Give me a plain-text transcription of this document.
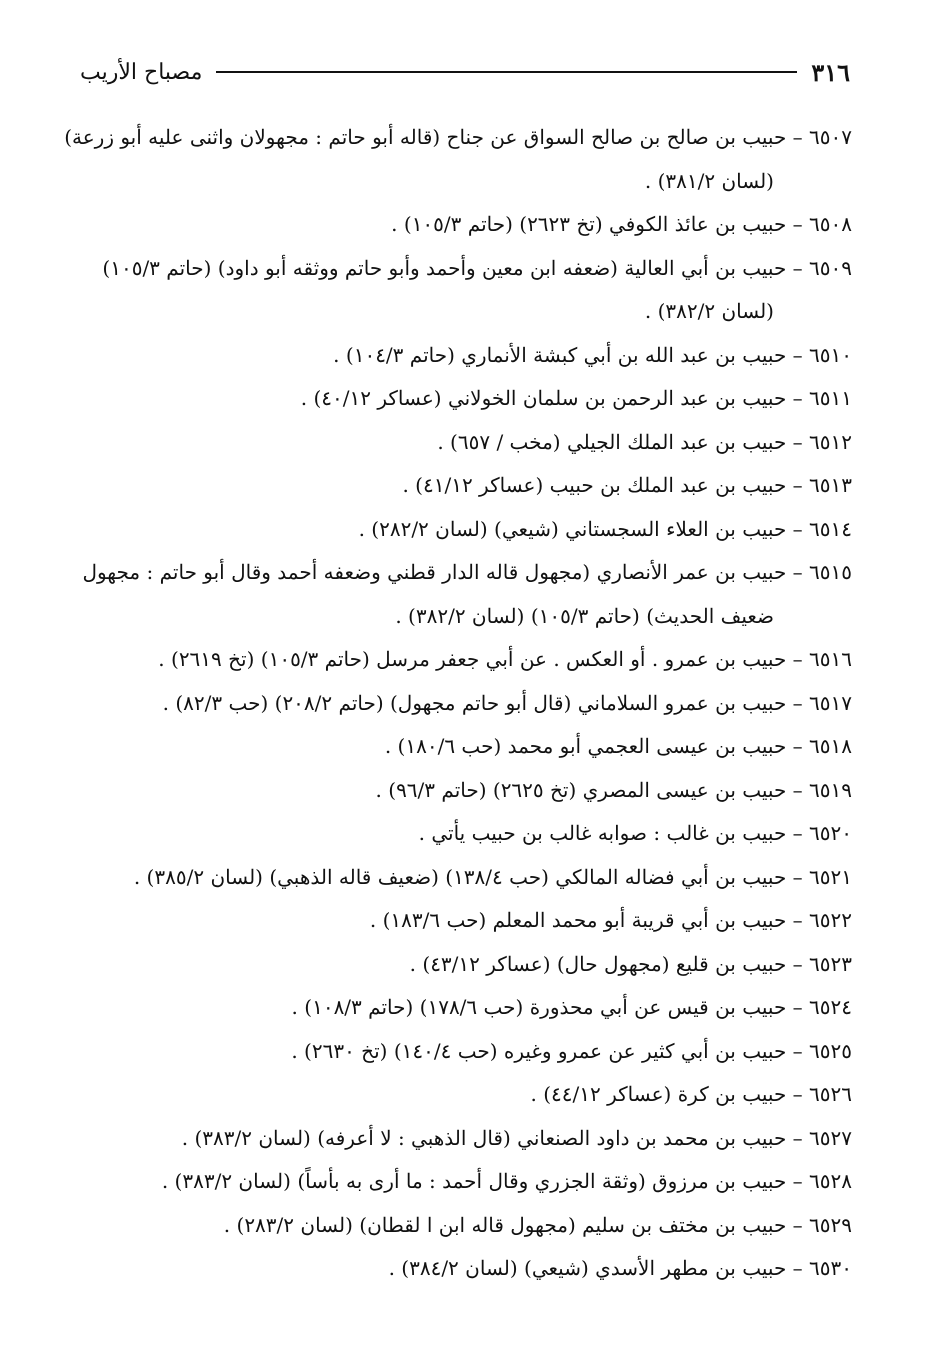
٣١٦
مصباح الأريب
٦٥٠٧ – حبيب بن صالح بن صالح السواق عن جناح (قاله أبو حاتم : مجهولان واثنى عليه أبو زرعة)
(لسان ٣٨١/٢) .
٦٥٠٨ – حبيب بن عائذ الكوفي (تخ ٢٦٢٣) (حاتم ١٠٥/٣) .
٦٥٠٩ – حبيب بن أبي العالية (ضعفه ابن معين وأحمد وأبو حاتم ووثقه أبو داود) (حاتم ١٠٥/٣)
(لسان ٣٨٢/٢) .
٦٥١٠ – حبيب بن عبد الله بن أبي كبشة الأنماري (حاتم ١٠٤/٣) .
٦٥١١ – حبيب بن عبد الرحمن بن سلمان الخولاني (عساكر ٤٠/١٢) .
٦٥١٢ – حبيب بن عبد الملك الجيلي (مخب / ٦٥٧) .
٦٥١٣ – حبيب بن عبد الملك بن حبيب (عساكر ٤١/١٢) .
٦٥١٤ – حبيب بن العلاء السجستاني (شيعي) (لسان ٢٨٢/٢) .
٦٥١٥ – حبيب بن عمر الأنصاري (مجهول قاله الدار قطني وضعفه أحمد وقال أبو حاتم : مجهول
ضعيف الحديث) (حاتم ١٠٥/٣) (لسان ٣٨٢/٢) .
٦٥١٦ – حبيب بن عمرو . أو العكس . عن أبي جعفر مرسل (حاتم ١٠٥/٣) (تخ ٢٦١٩) .
٦٥١٧ – حبيب بن عمرو السلاماني (قال أبو حاتم مجهول) (حاتم ٢٠٨/٢) (حب ٨٢/٣) .
٦٥١٨ – حبيب بن عيسى العجمي أبو محمد (حب ١٨٠/٦) .
٦٥١٩ – حبيب بن عيسى المصري (تخ ٢٦٢٥) (حاتم ٩٦/٣) .
٦٥٢٠ – حبيب بن غالب : صوابه غالب بن حبيب يأتي .
٦٥٢١ – حبيب بن أبي فضاله المالكي (حب ١٣٨/٤) (ضعيف قاله الذهبي) (لسان ٣٨٥/٢) .
٦٥٢٢ – حبيب بن أبي قريبة أبو محمد المعلم (حب ١٨٣/٦) .
٦٥٢٣ – حبيب بن قليع (مجهول حال) (عساكر ٤٣/١٢) .
٦٥٢٤ – حبيب بن قيس عن أبي محذورة (حب ١٧٨/٦) (حاتم ١٠٨/٣) .
٦٥٢٥ – حبيب بن أبي كثير عن عمرو وغيره (حب ١٤٠/٤) (تخ ٢٦٣٠) .
٦٥٢٦ – حبيب بن كرة (عساكر ٤٤/١٢) .
٦٥٢٧ – حبيب بن محمد بن داود الصنعاني (قال الذهبي : لا أعرفه) (لسان ٣٨٣/٢) .
٦٥٢٨ – حبيب بن مرزوق (وثقة الجزري وقال أحمد : ما أرى به بأساً) (لسان ٣٨٣/٢) .
٦٥٢٩ – حبيب بن مختف بن سليم (مجهول قاله ابن ا لقطان) (لسان ٢٨٣/٢) .
٦٥٣٠ – حبيب بن مطهر الأسدي (شيعي) (لسان ٣٨٤/٢) .
